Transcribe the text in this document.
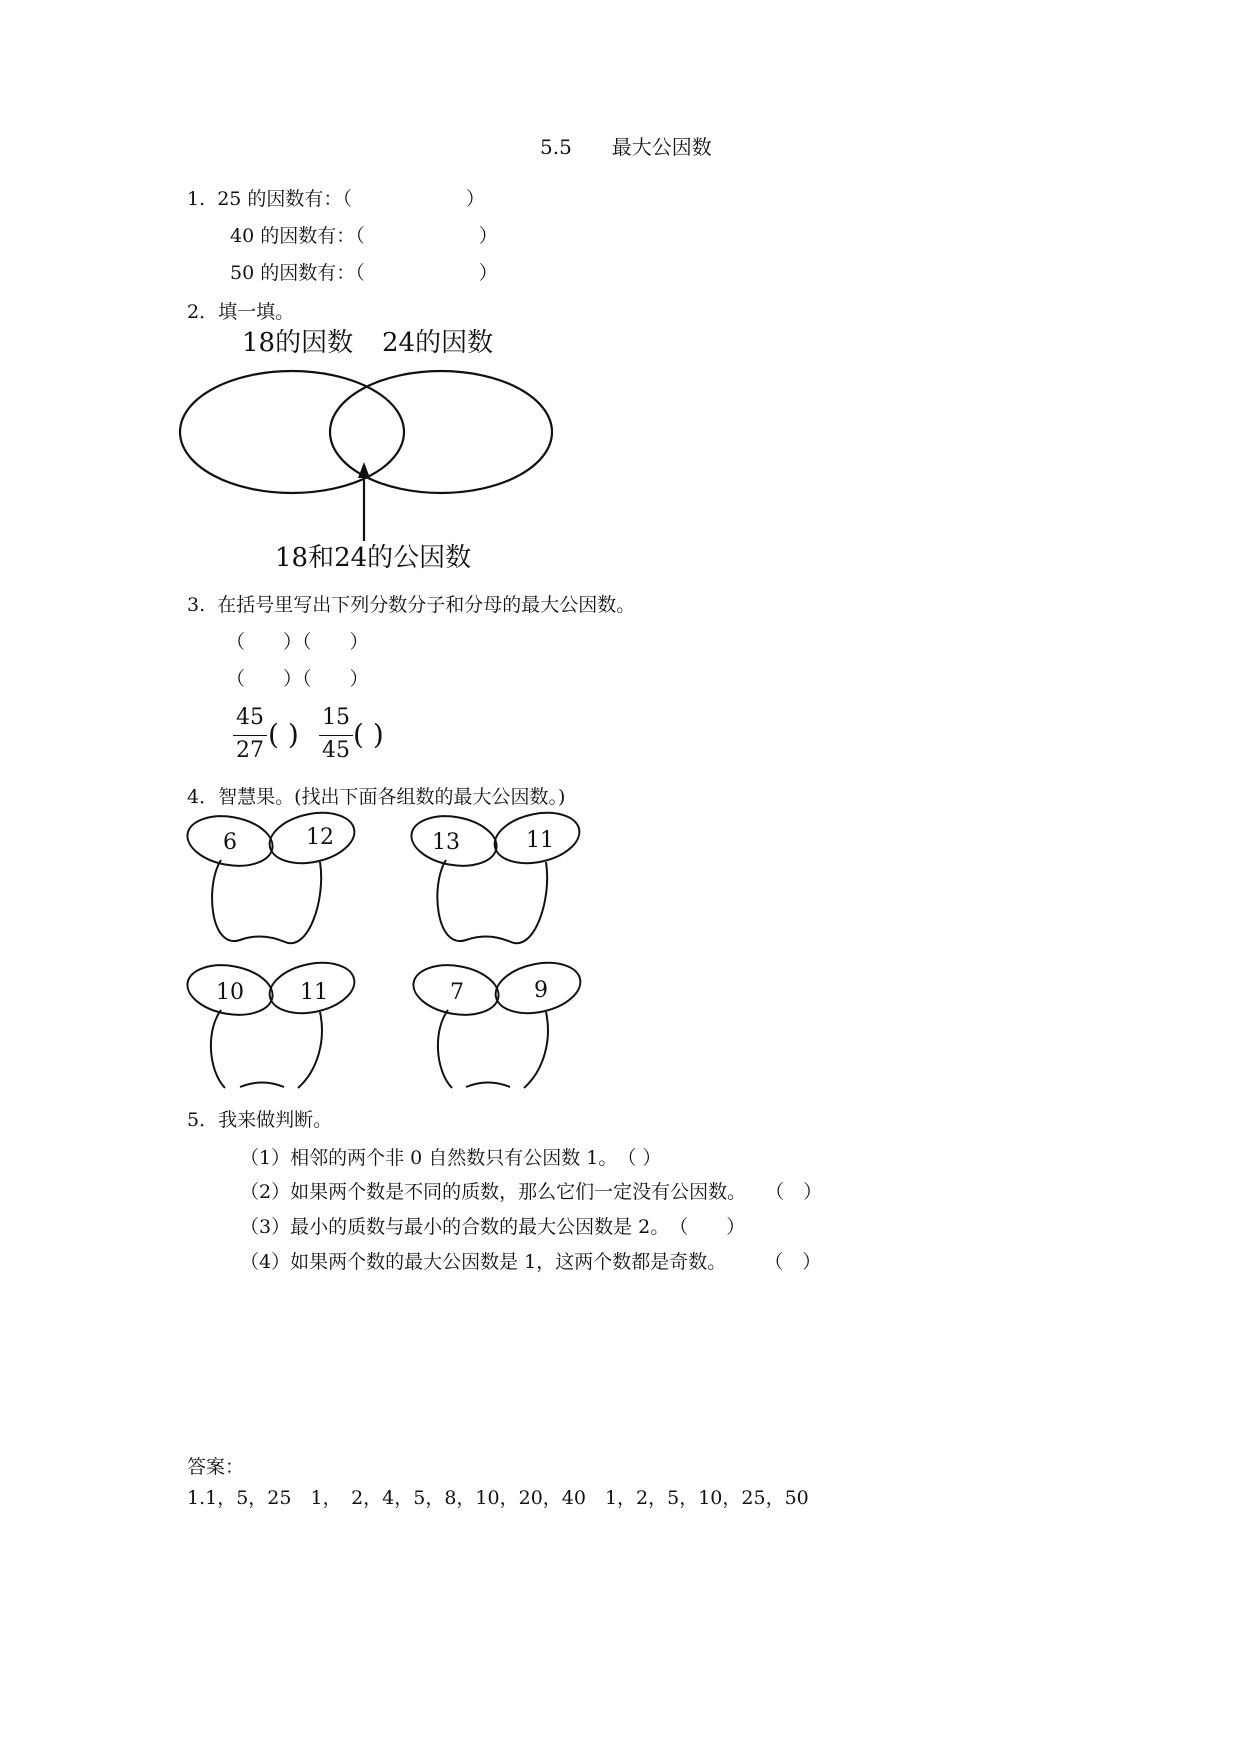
5.5　　最大公因数
1.  25 的因数有：（　　　　　　）
40 的因数有：（　　　　　　）
50 的因数有：（　　　　　　）
2．填一填。
18的因数 24的因数
18和24的公因数
3.  在括号里写出下列分数分子和分母的最大公因数。
（　　）（　　）
（　　）（　　）
45
27 ( )
15
45 ( )
4．智慧果。(找出下面各组数的最大公因数。)
6	12	13	11
10	11	7	9
5．我来做判断。
（1）相邻的两个非 0 自然数只有公因数 1。　（ ）
（2）如果两个数是不同的质数，那么它们一定没有公因数。　　（　）
（3）最小的质数与最小的合数的最大公因数是 2。　（　　）
（4）如果两个数的最大公因数是 1，这两个数都是奇数。　　　（　）
答案：
1.1，5，25　1，　2，4，5，8，10，20，40　1，2，5，10，25，50
